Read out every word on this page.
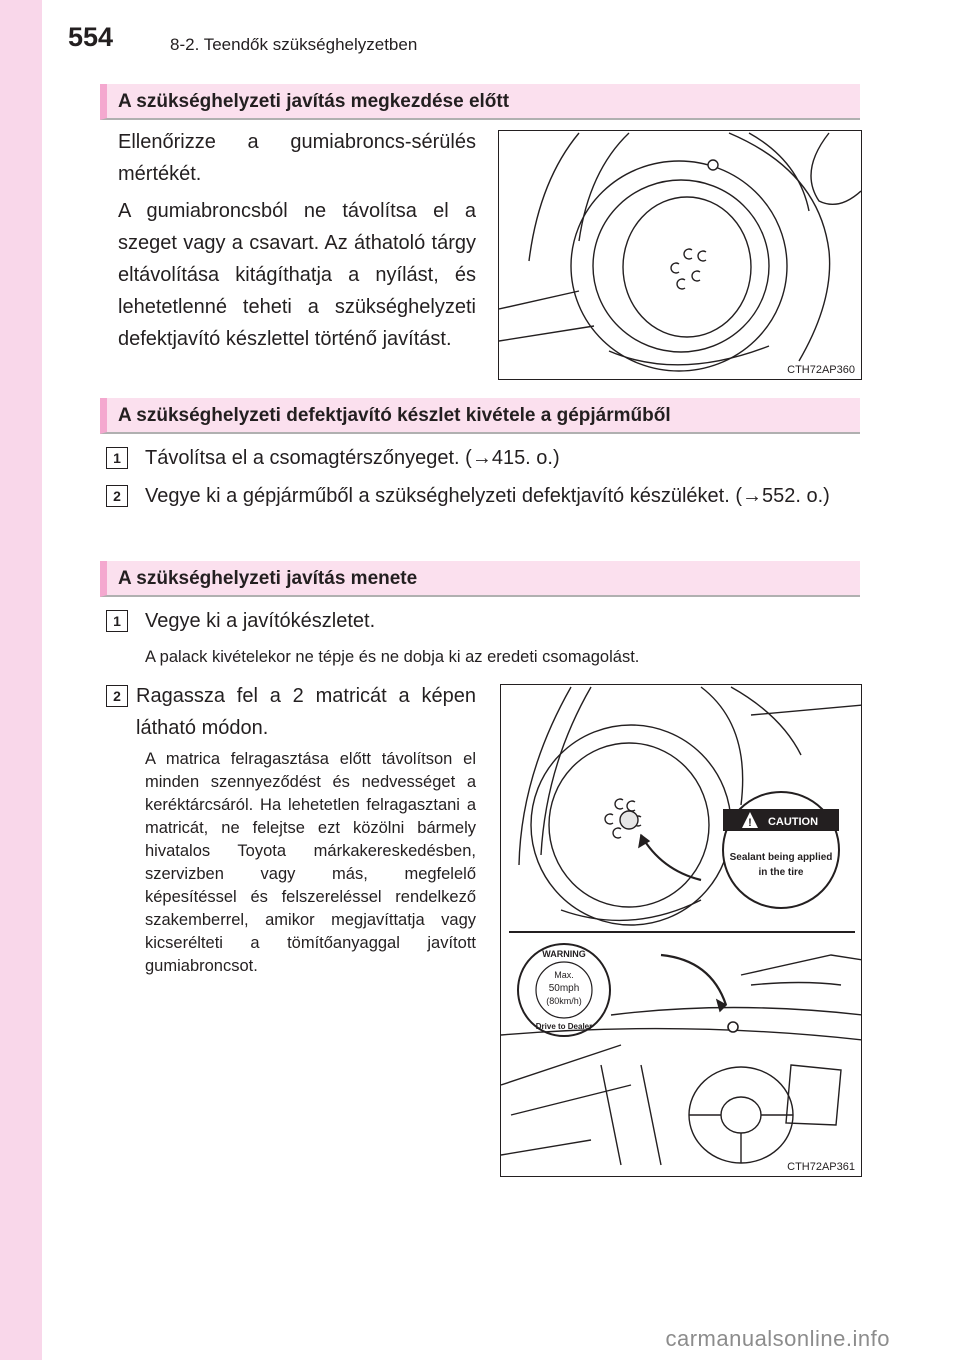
554	8-2. Teendők szükséghelyzetben
A szükséghelyzeti javítás megkezdése előtt

Ellenőrizze a gumiabroncs-sérülés mértékét.

A gumiabroncsból ne távolítsa el a szeget vagy a csavart. Az áthatoló tárgy eltávolítása kitágíthatja a nyílást, és lehetetlenné teheti a szükséghelyzeti defektjavító készlettel történő javítást.

CTH72AP360
A szükséghelyzeti defektjavító készlet kivétele a gépjárműből
1	Távolítsa el a csomagtérszőnyeget. (→415. o.)

2	Vegye ki a gépjárműből a szükséghelyzeti defektjavító készüléket. (→552. o.)

A szükséghelyzeti javítás menete
1	Vegye ki a javítókészletet.

A palack kivételekor ne tépje és ne dobja ki az eredeti csomagolást.

2 Ragassza fel a 2 matricát a képen látható módon.

A matrica felragasztása előtt távolítson el minden szennyeződést és nedvességet a keréktárcsáról. Ha lehetetlen felragasztani a matricát, ne felejtse ezt közölni bármely hivatalos Toyota márkakereskedésben, szervizben vagy más, megfelelő képesítéssel és felszereléssel rendelkező szakemberrel, amikor megjavíttatja vagy kicserélteti a tömítőanyaggal javított gumiabroncsot.

! CAUTION
Sealant being applied
in the tire
WARNING
Max.
50mph
(80km/h)
Drive to Dealer
CTH72AP361
carmanualsonline.info
